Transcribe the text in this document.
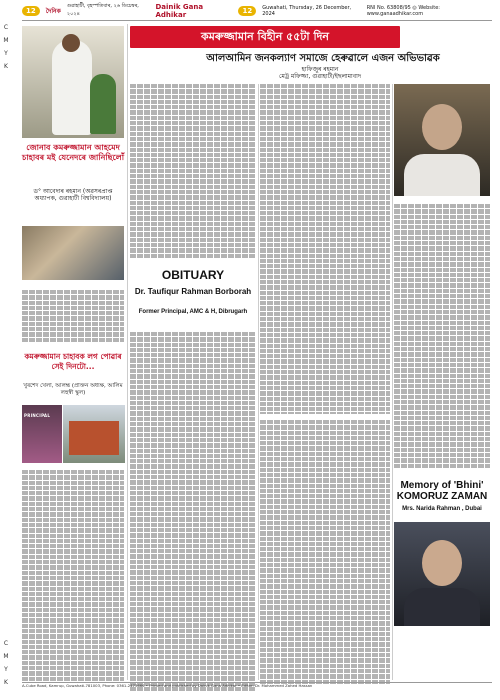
C
M
Y
K
C
M
Y
K
12	দৈনিক
গুৱাহাটী, বৃহস্পতিবাৰ, ২৬ ডিচেম্বৰ, ২০২৪
Dainik Gana Adhikar	12	Guwahati, Thursday, 26 December, 2024
RNI No. 63808/95 ◎ Website: www.ganaadhikar.com
কমৰুজ্জামান বিহীন ৫৫টা দিন
আলআমিন জনকল্যাণ সমাজে হেৰুৱালে এজন অভিভাৱক
হাফিজুৰ ৰহমান
মেট্ৰ মফিজ্জা, গুৱাহাটী/ইছলামাবাদ
জোনাব কমৰুজ্জামান আহমেদ চাহাবৰ মই যেনেদৰে জানিছিলোঁ
ড° আবেদাৰ ৰহমান (অৱসৰপ্ৰাপ্ত অধ্যাপক, গুৱাহাটী বিশ্ববিদ্যালয়)
কমৰুজ্জামান চাহাবক লগ পোৱাৰ সেই দিনটো...
খুৰশেদ খেলা, আলহ্ম (প্ৰাক্তন অধ্যক্ষ, আলিম লহুস্বী স্কুল)
PRINCIPAL
OBITUARY
Dr. Taufiqur Rahman Borborah
Former Principal, AMC & H, Dibrugarh
Memory of 'Bhini' KOMORUZ ZAMAN
Mrs. Narida Rahman , Dubai
A-Cube Road, Kamrup, Guwahati-781003, Phone: 0361-2473666 • Printed and published by Dainik Gana Adhikar • Editor: Dr. Mohammed Zahed Hassan
